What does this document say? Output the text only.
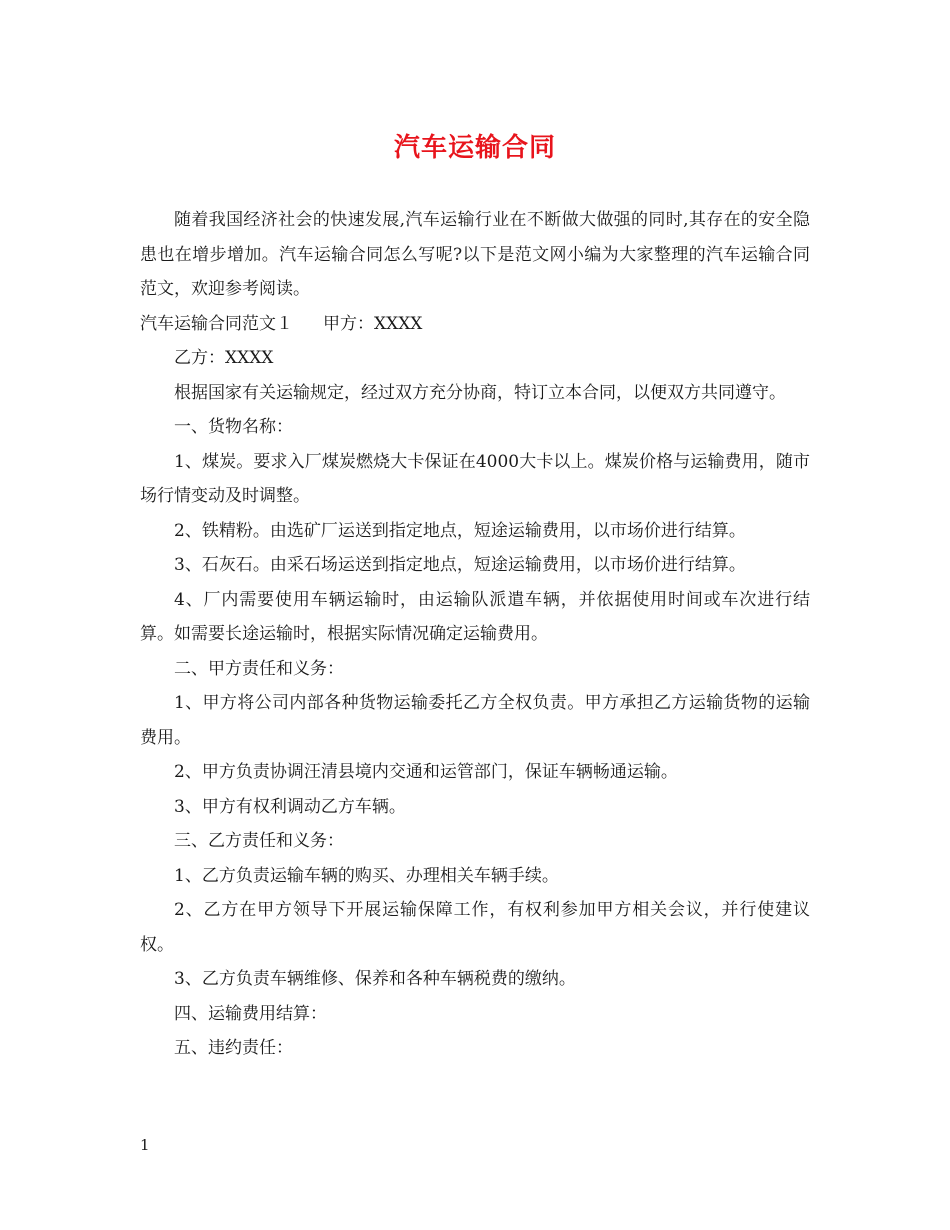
汽车运输合同

随着我国经济社会的快速发展,汽车运输行业在不断做大做强的同时,其存在的安全隐患也在增步增加。汽车运输合同怎么写呢?以下是范文网小编为大家整理的汽车运输合同范文，欢迎参考阅读。

汽车运输合同范文１ 甲方：XXXX

乙方：XXXX

根据国家有关运输规定，经过双方充分协商，特订立本合同，以便双方共同遵守。

一、货物名称：

1、煤炭。要求入厂煤炭燃烧大卡保证在4000大卡以上。煤炭价格与运输费用，随市场行情变动及时调整。

2、铁精粉。由选矿厂运送到指定地点，短途运输费用，以市场价进行结算。

3、石灰石。由采石场运送到指定地点，短途运输费用，以市场价进行结算。

4、厂内需要使用车辆运输时，由运输队派遣车辆，并依据使用时间或车次进行结算。如需要长途运输时，根据实际情况确定运输费用。

二、甲方责任和义务：

1、甲方将公司内部各种货物运输委托乙方全权负责。甲方承担乙方运输货物的运输费用。

2、甲方负责协调汪清县境内交通和运管部门，保证车辆畅通运输。

3、甲方有权利调动乙方车辆。

三、乙方责任和义务：

1、乙方负责运输车辆的购买、办理相关车辆手续。

2、乙方在甲方领导下开展运输保障工作，有权利参加甲方相关会议，并行使建议权。

3、乙方负责车辆维修、保养和各种车辆税费的缴纳。

四、运输费用结算：

五、违约责任：

1
